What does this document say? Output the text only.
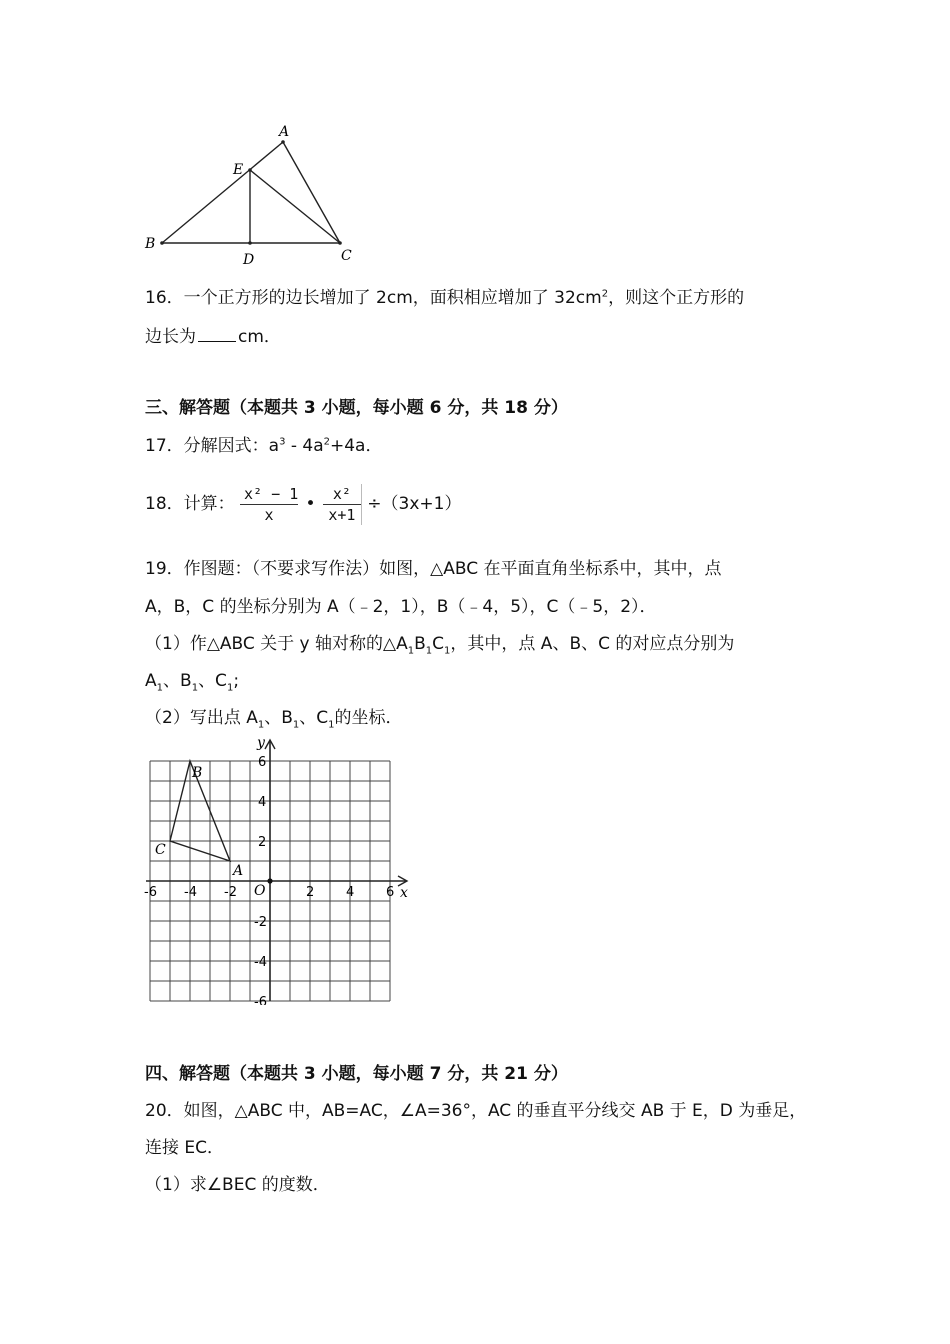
A
E
B
C
D
16．一个正方形的边长增加了 2cm，面积相应增加了 $32cm^2$，则这个正方形的
边长为 cm．
三、解答题（本题共 3 小题，每小题 6 分，共 18 分）
17．分解因式：$a^3 - 4a^2+4a$．
18．计算： $\frac{\text{x² − 1}}{x}$ • $\frac{\text{x²}}{x+1} \div(3x+1)$
19．作图题：（不要求写作法）如图，△ABC 在平面直角坐标系中，其中，点
A，B，C 的坐标分别为 A（﹣2，1），B（﹣4，5），C（﹣5，2）．
（1）作△ABC 关于 y 轴对称的$\triangle A_1B_1C_1$，其中，点 A、B、C 的对应点分别为
$A_1$、$B_1$、$C_1$;
（2）写出点 $A_1$、$B_1$、$C_1$的坐标．
y
x
O
-6 -4 -2	2 4 6
6
4
2
-2
-4
-6
B
C
A
四、解答题（本题共 3 小题，每小题 7 分，共 21 分）
20．如图，△ABC 中，AB=AC，∠A=36°，AC 的垂直平分线交 AB 于 E，D 为垂足，
连接 EC．
（1）求∠BEC 的度数．
